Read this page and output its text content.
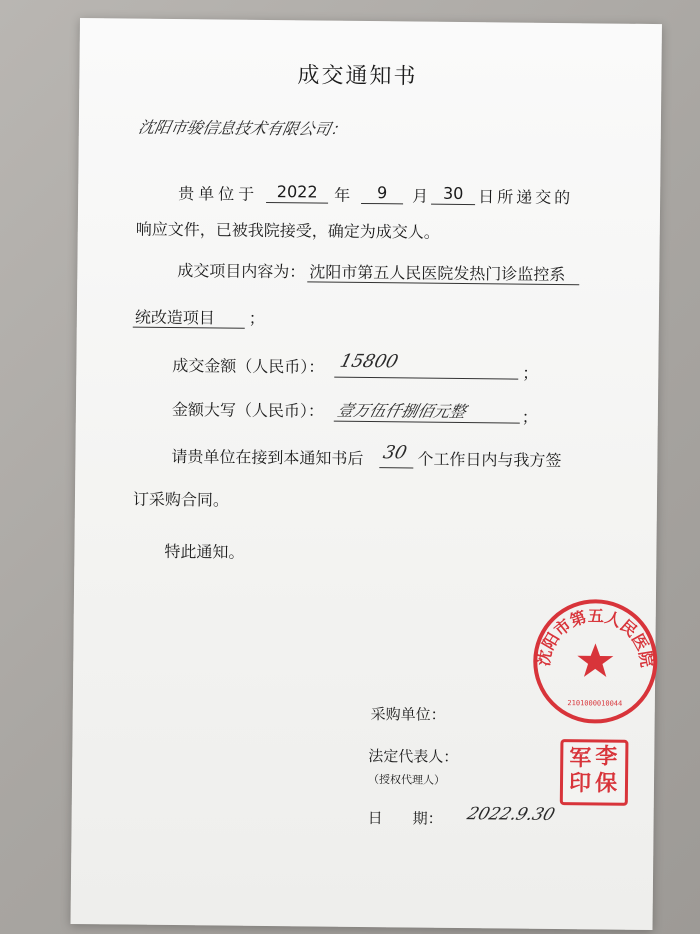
成交通知书
沈阳市骏信息技术有限公司：
贵单位于	2022	年	9	月 30 日所递交的
响应文件，已被我院接受，确定为成交人。
成交项目内容为： 沈阳市第五人民医院发热门诊监控系
统改造项目 ；
成交金额（人民币）： 15800
；
金额大写（人民币）： 壹万伍仟捌佰元整	；
请贵单位在接到本通知书后 30 个工作日内与我方签
订采购合同。
特此通知。
沈阳市第五人民医院
2101000010044
采购单位：
法定代表人：
（授权代理人）
军 李
印 保
日　　期： 2022.9.30
